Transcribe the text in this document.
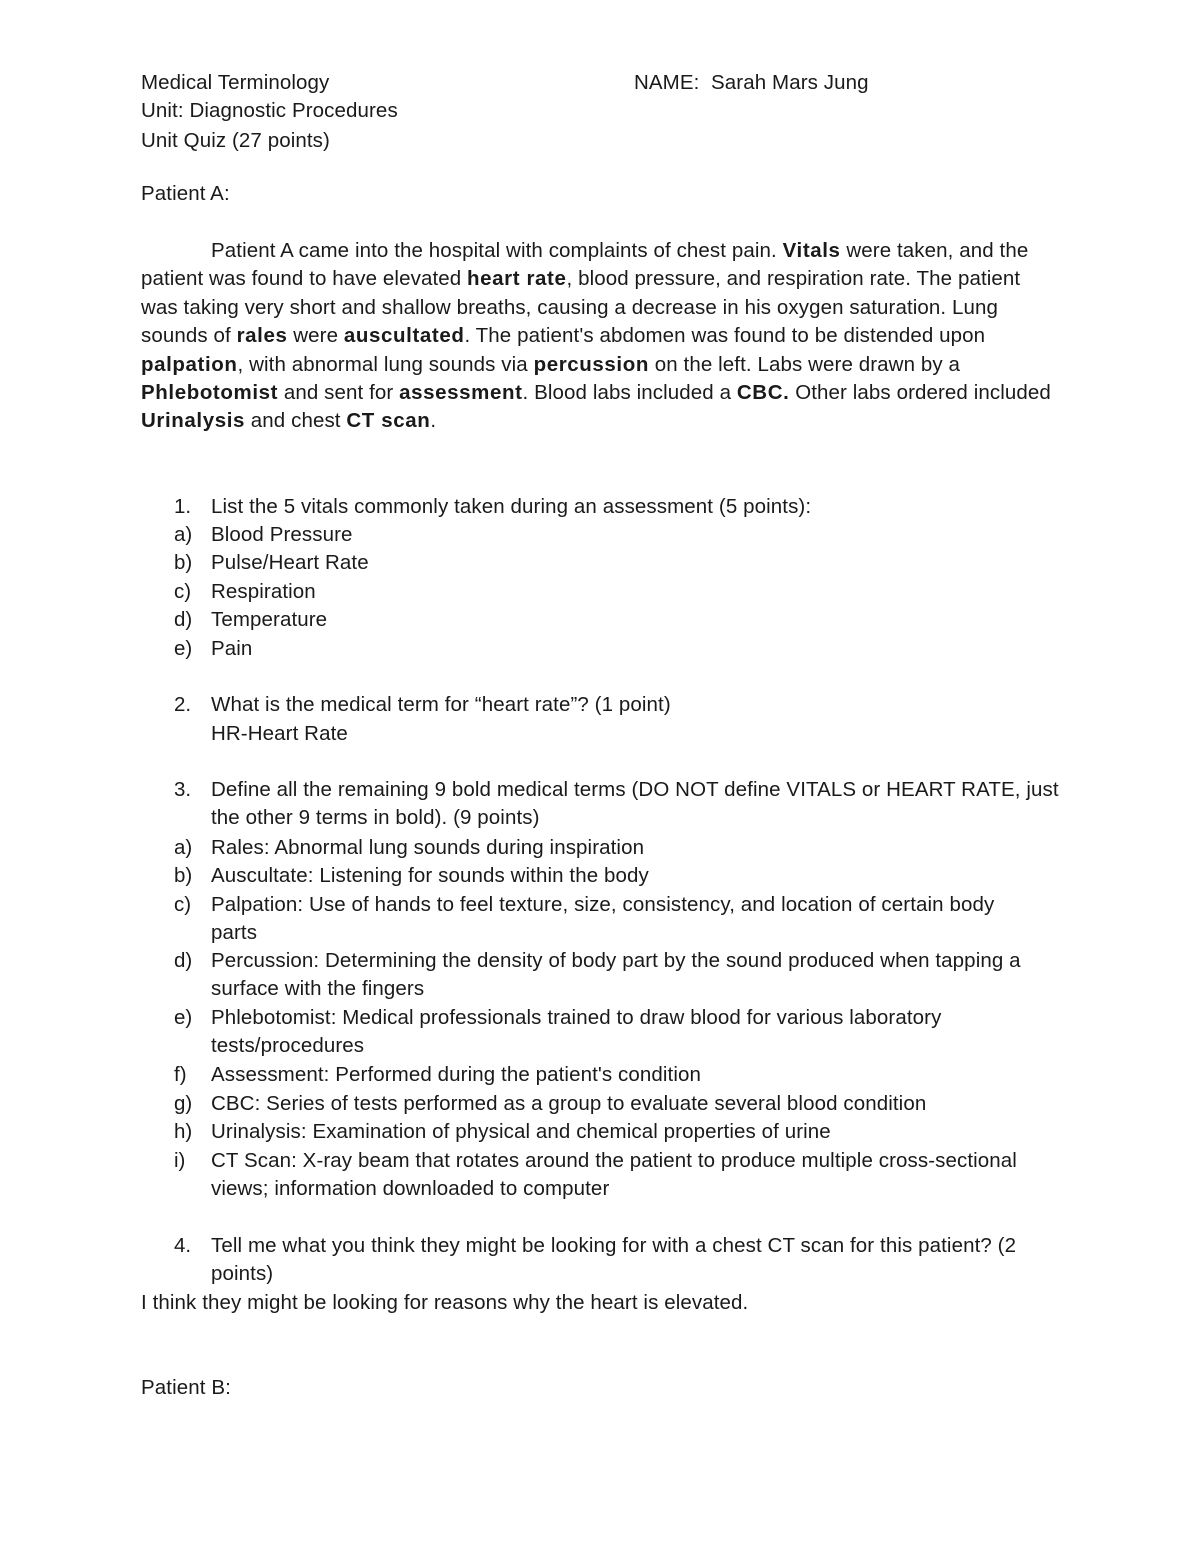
Medical Terminology	NAME: Sarah Mars Jung
Unit: Diagnostic Procedures
Unit Quiz (27 points)
Patient A:
Patient A came into the hospital with complaints of chest pain. Vitals were taken, and the patient was found to have elevated heart rate, blood pressure, and respiration rate. The patient was taking very short and shallow breaths, causing a decrease in his oxygen saturation. Lung sounds of rales were auscultated. The patient's abdomen was found to be distended upon palpation, with abnormal lung sounds via percussion on the left. Labs were drawn by a Phlebotomist and sent for assessment. Blood labs included a CBC. Other labs ordered included Urinalysis and chest CT scan.
1. List the 5 vitals commonly taken during an assessment (5 points):
a) Blood Pressure
b) Pulse/Heart Rate
c) Respiration
d) Temperature
e) Pain
2. What is the medical term for “heart rate”? (1 point)
HR-Heart Rate
3. Define all the remaining 9 bold medical terms (DO NOT define VITALS or HEART RATE, just the other 9 terms in bold). (9 points)
a) Rales: Abnormal lung sounds during inspiration
b) Auscultate: Listening for sounds within the body
c) Palpation: Use of hands to feel texture, size, consistency, and location of certain body parts
d) Percussion: Determining the density of body part by the sound produced when tapping a surface with the fingers
e) Phlebotomist: Medical professionals trained to draw blood for various laboratory tests/procedures
f)	Assessment: Performed during the patient's condition
g) CBC: Series of tests performed as a group to evaluate several blood condition
h) Urinalysis: Examination of physical and chemical properties of urine
i)	CT Scan: X-ray beam that rotates around the patient to produce multiple cross-sectional views; information downloaded to computer
4. Tell me what you think they might be looking for with a chest CT scan for this patient? (2 points)
I think they might be looking for reasons why the heart is elevated.
Patient B:
